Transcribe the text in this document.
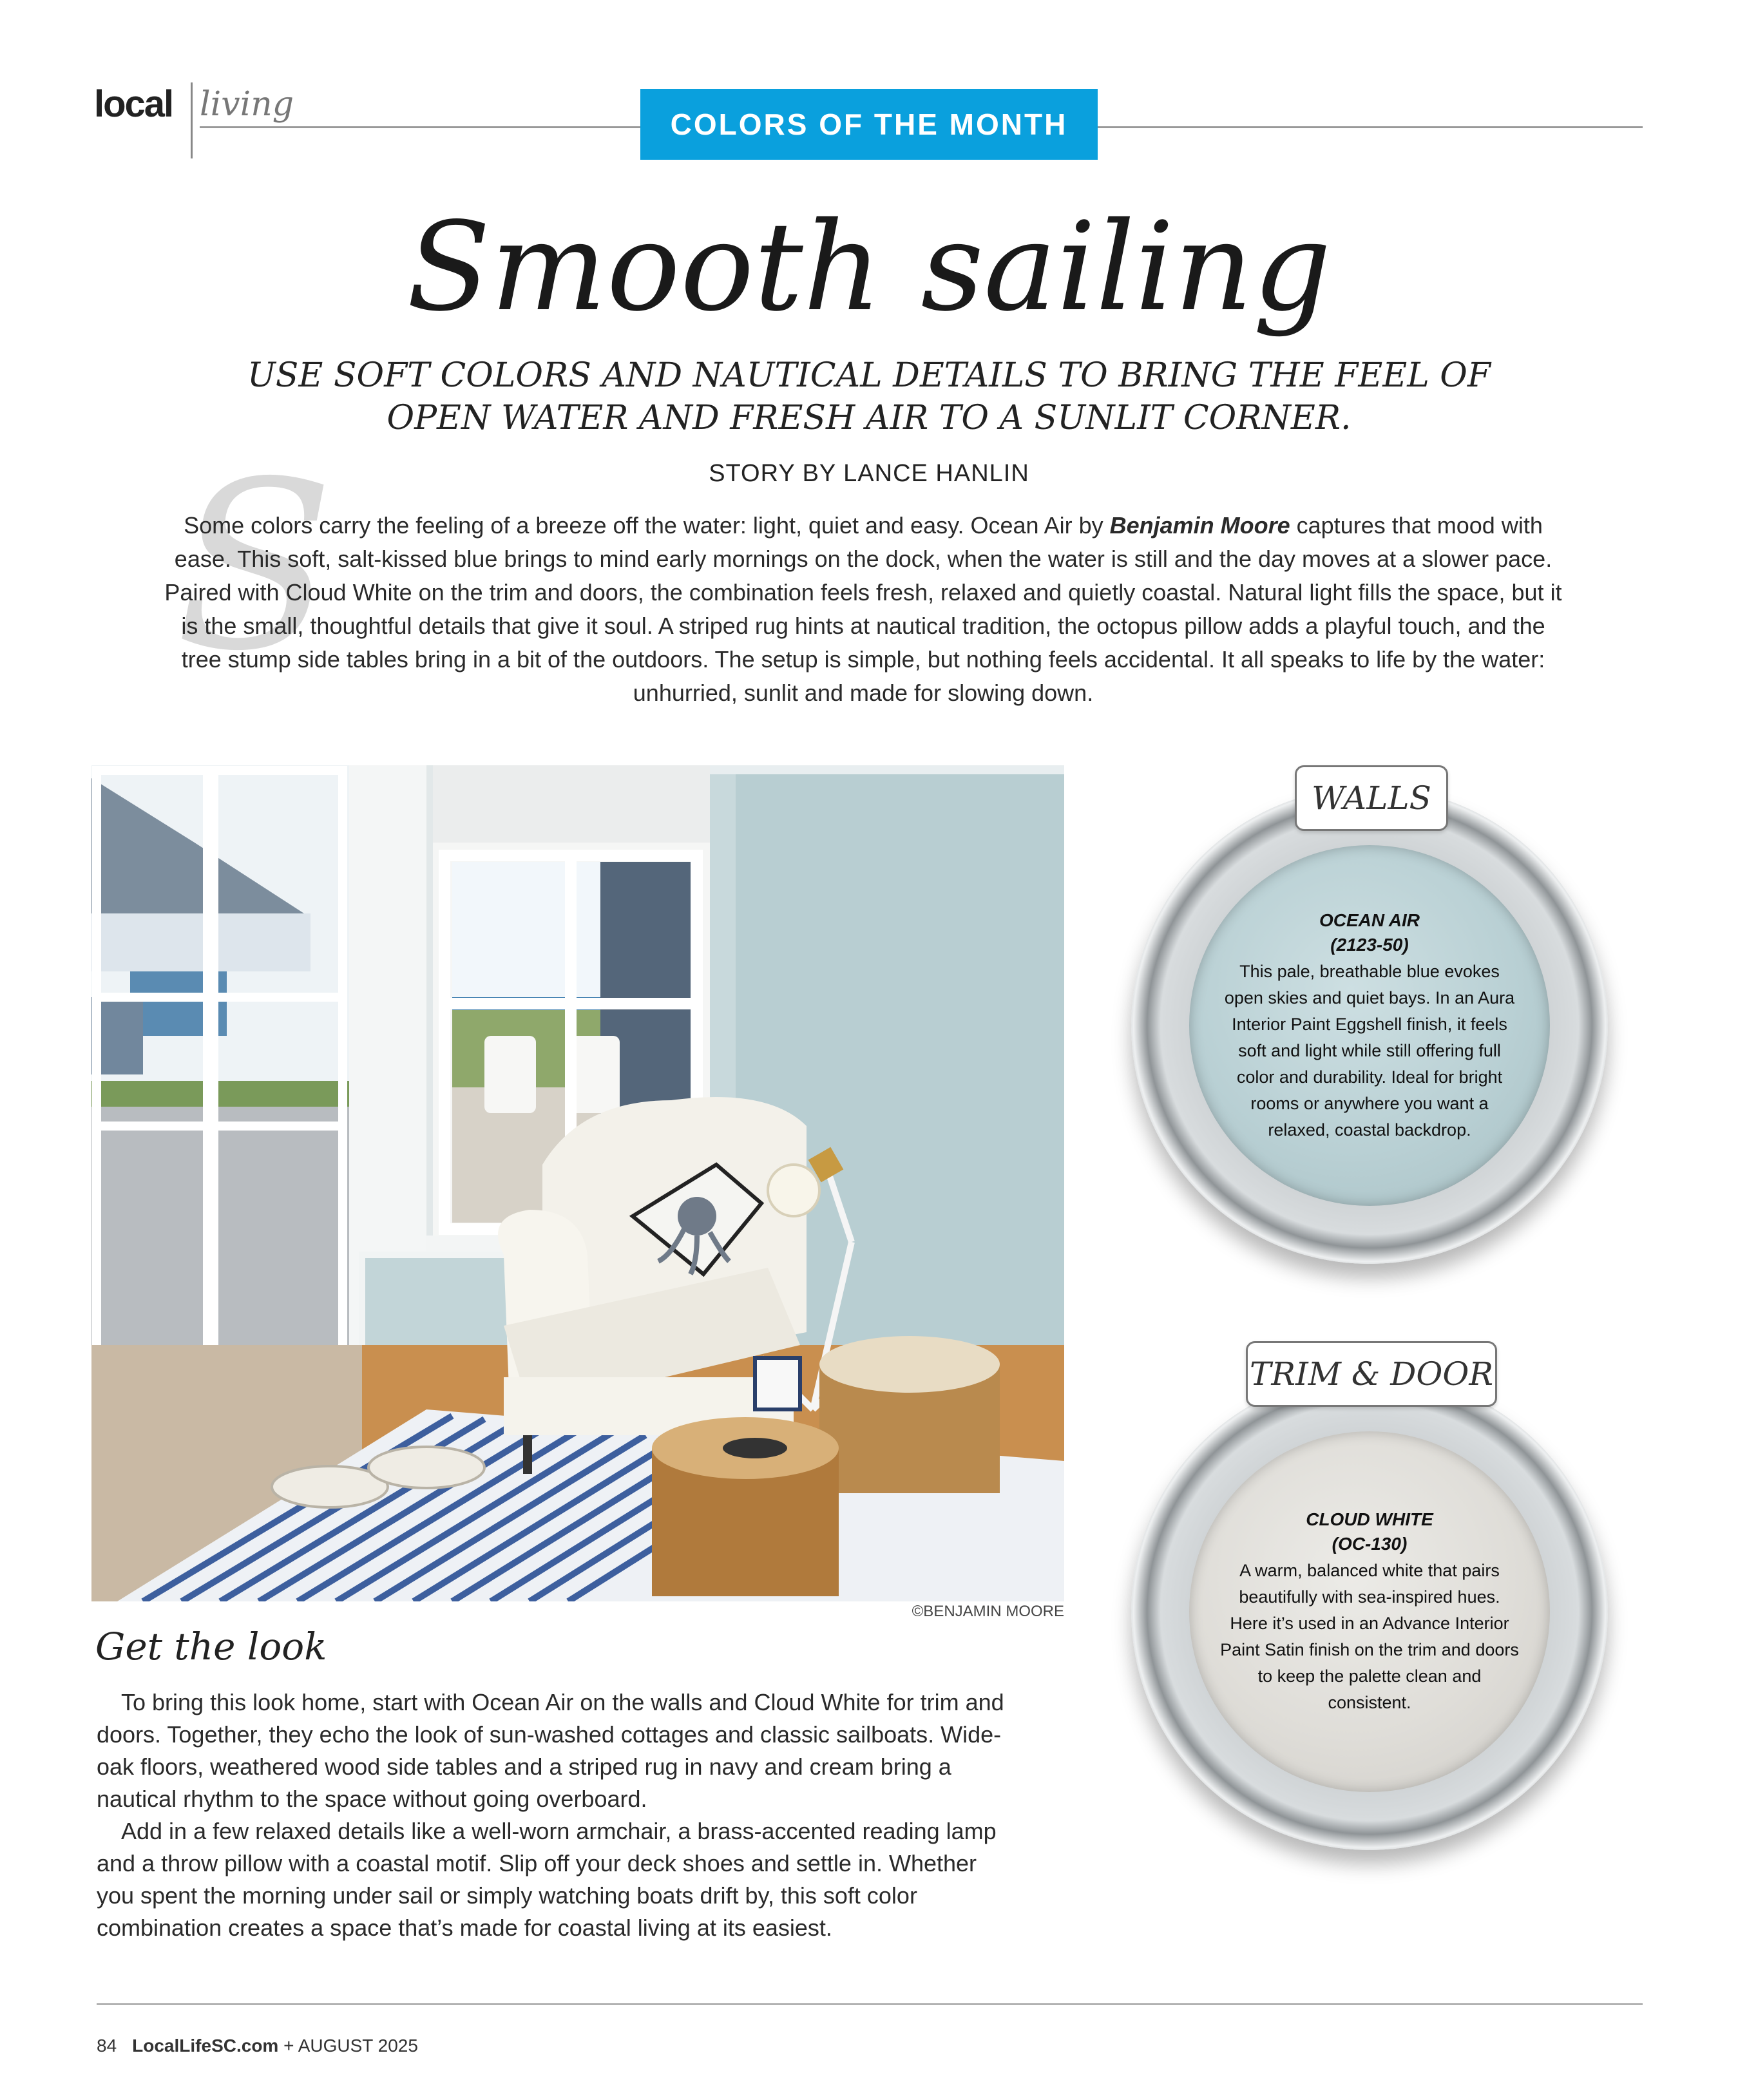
local living
COLORS OF THE MONTH
Smooth sailing
USE SOFT COLORS AND NAUTICAL DETAILS TO BRING THE FEEL OF OPEN WATER AND FRESH AIR TO A SUNLIT CORNER.
STORY BY LANCE HANLIN
S
Some colors carry the feeling of a breeze off the water: light, quiet and easy. Ocean Air by Benjamin Moore captures that mood with ease. This soft, salt-kissed blue brings to mind early mornings on the dock, when the water is still and the day moves at a slower pace. Paired with Cloud White on the trim and doors, the combination feels fresh, relaxed and quietly coastal. Natural light fills the space, but it is the small, thoughtful details that give it soul. A striped rug hints at nautical tradition, the octopus pillow adds a playful touch, and the tree stump side tables bring in a bit of the outdoors. The setup is simple, but nothing feels accidental. It all speaks to life by the water: unhurried, sunlit and made for slowing down.
©BENJAMIN MOORE
Get the look

To bring this look home, start with Ocean Air on the walls and Cloud White for trim and doors. Together, they echo the look of sun-washed cottages and classic sailboats. Wide-oak floors, weathered wood side tables and a striped rug in navy and cream bring a nautical rhythm to the space without going overboard.

Add in a few relaxed details like a well-worn armchair, a brass-accented reading lamp and a throw pillow with a coastal motif. Slip off your deck shoes and settle in. Whether you spent the morning under sail or simply watching boats drift by, this soft color combination creates a space that’s made for coastal living at its easiest.

OCEAN AIR
(2123-50)
This pale, breathable blue evokes open skies and quiet bays. In an Aura Interior Paint Eggshell finish, it feels soft and light while still offering full color and durability. Ideal for bright rooms or anywhere you want a relaxed, coastal backdrop.
WALLS
CLOUD WHITE
(OC-130)
A warm, balanced white that pairs beautifully with sea-inspired hues. Here it’s used in an Advance Interior Paint Satin finish on the trim and doors to keep the palette clean and consistent.
TRIM & DOOR
84 LocalLifeSC.com + AUGUST 2025
